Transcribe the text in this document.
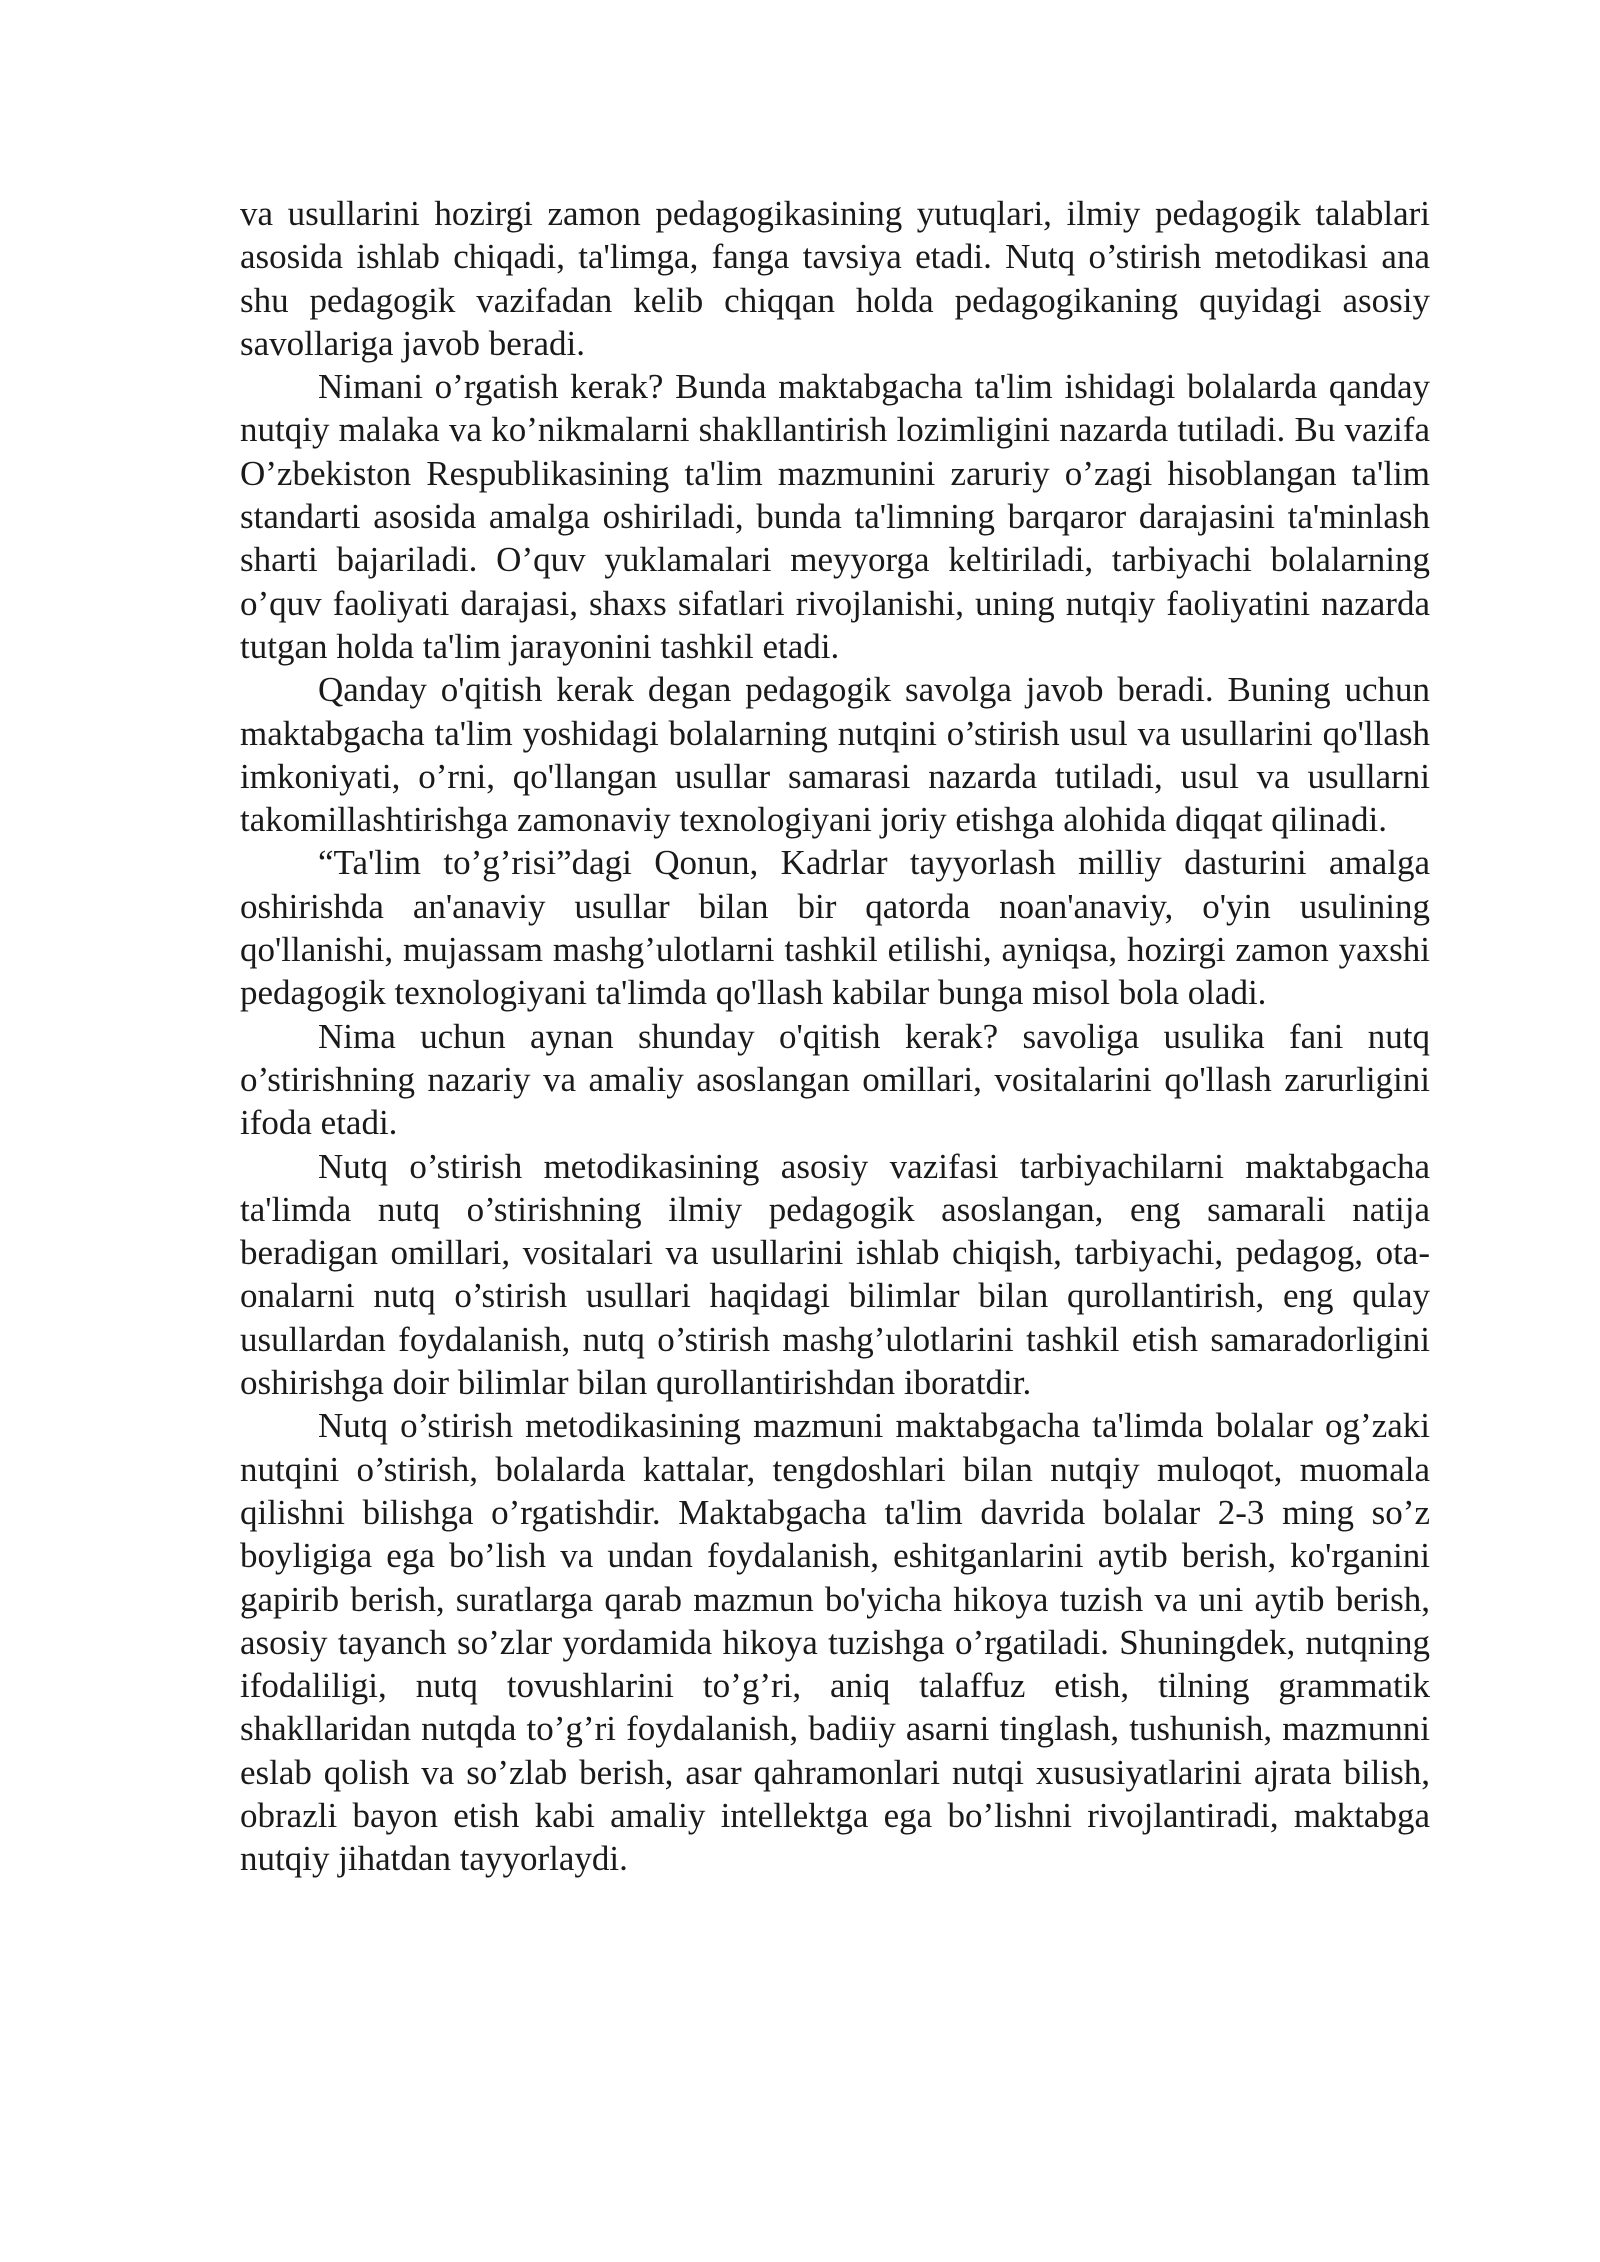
va usullarini hozirgi zamon pedagogikasining yutuqlari, ilmiy pedagogik talablari asosida ishlab chiqadi, ta'limga, fanga tavsiya etadi. Nutq o’stirish metodikasi ana shu pedagogik vazifadan kelib chiqqan holda pedagogikaning quyidagi asosiy savollariga javob beradi.

Nimani o’rgatish kerak? Bunda maktabgacha ta'lim ishidagi bolalarda qanday nutqiy malaka va ko’nikmalarni shakllantirish lozimligini nazarda tutiladi. Bu vazifa O’zbekiston Respublikasining ta'lim mazmunini zaruriy o’zagi hisoblangan ta'lim standarti asosida amalga oshiriladi, bunda ta'limning barqaror darajasini ta'minlash sharti bajariladi. O’quv yuklamalari meyyorga keltiriladi, tarbiyachi bolalarning o’quv faoliyati darajasi, shaxs sifatlari rivojlanishi, uning nutqiy faoliyatini nazarda tutgan holda ta'lim jarayonini tashkil etadi.

Qanday o'qitish kerak degan pedagogik savolga javob beradi. Buning uchun maktabgacha ta'lim yoshidagi bolalarning nutqini o’stirish usul va usullarini qo'llash imkoniyati, o’rni, qo'llangan usullar samarasi nazarda tutiladi, usul va usullarni takomillashtirishga zamonaviy texnologiyani joriy etishga alohida diqqat qilinadi.

“Ta'lim to’g’risi”dagi Qonun, Kadrlar tayyorlash milliy dasturini amalga oshirishda an'anaviy usullar bilan bir qatorda noan'anaviy, o'yin usulining qo'llanishi, mujassam mashg’ulotlarni tashkil etilishi, ayniqsa, hozirgi zamon yaxshi pedagogik texnologiyani ta'limda qo'llash kabilar bunga misol bola oladi.

Nima uchun aynan shunday o'qitish kerak? savoliga usulika fani nutq o’stirishning nazariy va amaliy asoslangan omillari, vositalarini qo'llash zarurligini ifoda etadi.

Nutq o’stirish metodikasining asosiy vazifasi tarbiyachilarni maktabgacha ta'limda nutq o’stirishning ilmiy pedagogik asoslangan, eng samarali natija beradigan omillari, vositalari va usullarini ishlab chiqish, tarbiyachi, pedagog, ota-onalarni nutq o’stirish usullari haqidagi bilimlar bilan qurollantirish, eng qulay usullardan foydalanish, nutq o’stirish mashg’ulotlarini tashkil etish samaradorligini oshirishga doir bilimlar bilan qurollantirishdan iboratdir.

Nutq o’stirish metodikasining mazmuni maktabgacha ta'limda bolalar og’zaki nutqini o’stirish, bolalarda kattalar, tengdoshlari bilan nutqiy muloqot, muomala qilishni bilishga o’rgatishdir. Maktabgacha ta'lim davrida bolalar 2-3 ming so’z boyligiga ega bo’lish va undan foydalanish, eshitganlarini aytib berish, ko'rganini gapirib berish, suratlarga qarab mazmun bo'yicha hikoya tuzish va uni aytib berish, asosiy tayanch so’zlar yordamida hikoya tuzishga o’rgatiladi. Shuningdek, nutqning ifodaliligi, nutq tovushlarini to’g’ri, aniq talaffuz etish, tilning grammatik shakllaridan nutqda to’g’ri foydalanish, badiiy asarni tinglash, tushunish, mazmunni eslab qolish va so’zlab berish, asar qahramonlari nutqi xususiyatlarini ajrata bilish, obrazli bayon etish kabi amaliy intellektga ega bo’lishni rivojlantiradi, maktabga nutqiy jihatdan tayyorlaydi.
